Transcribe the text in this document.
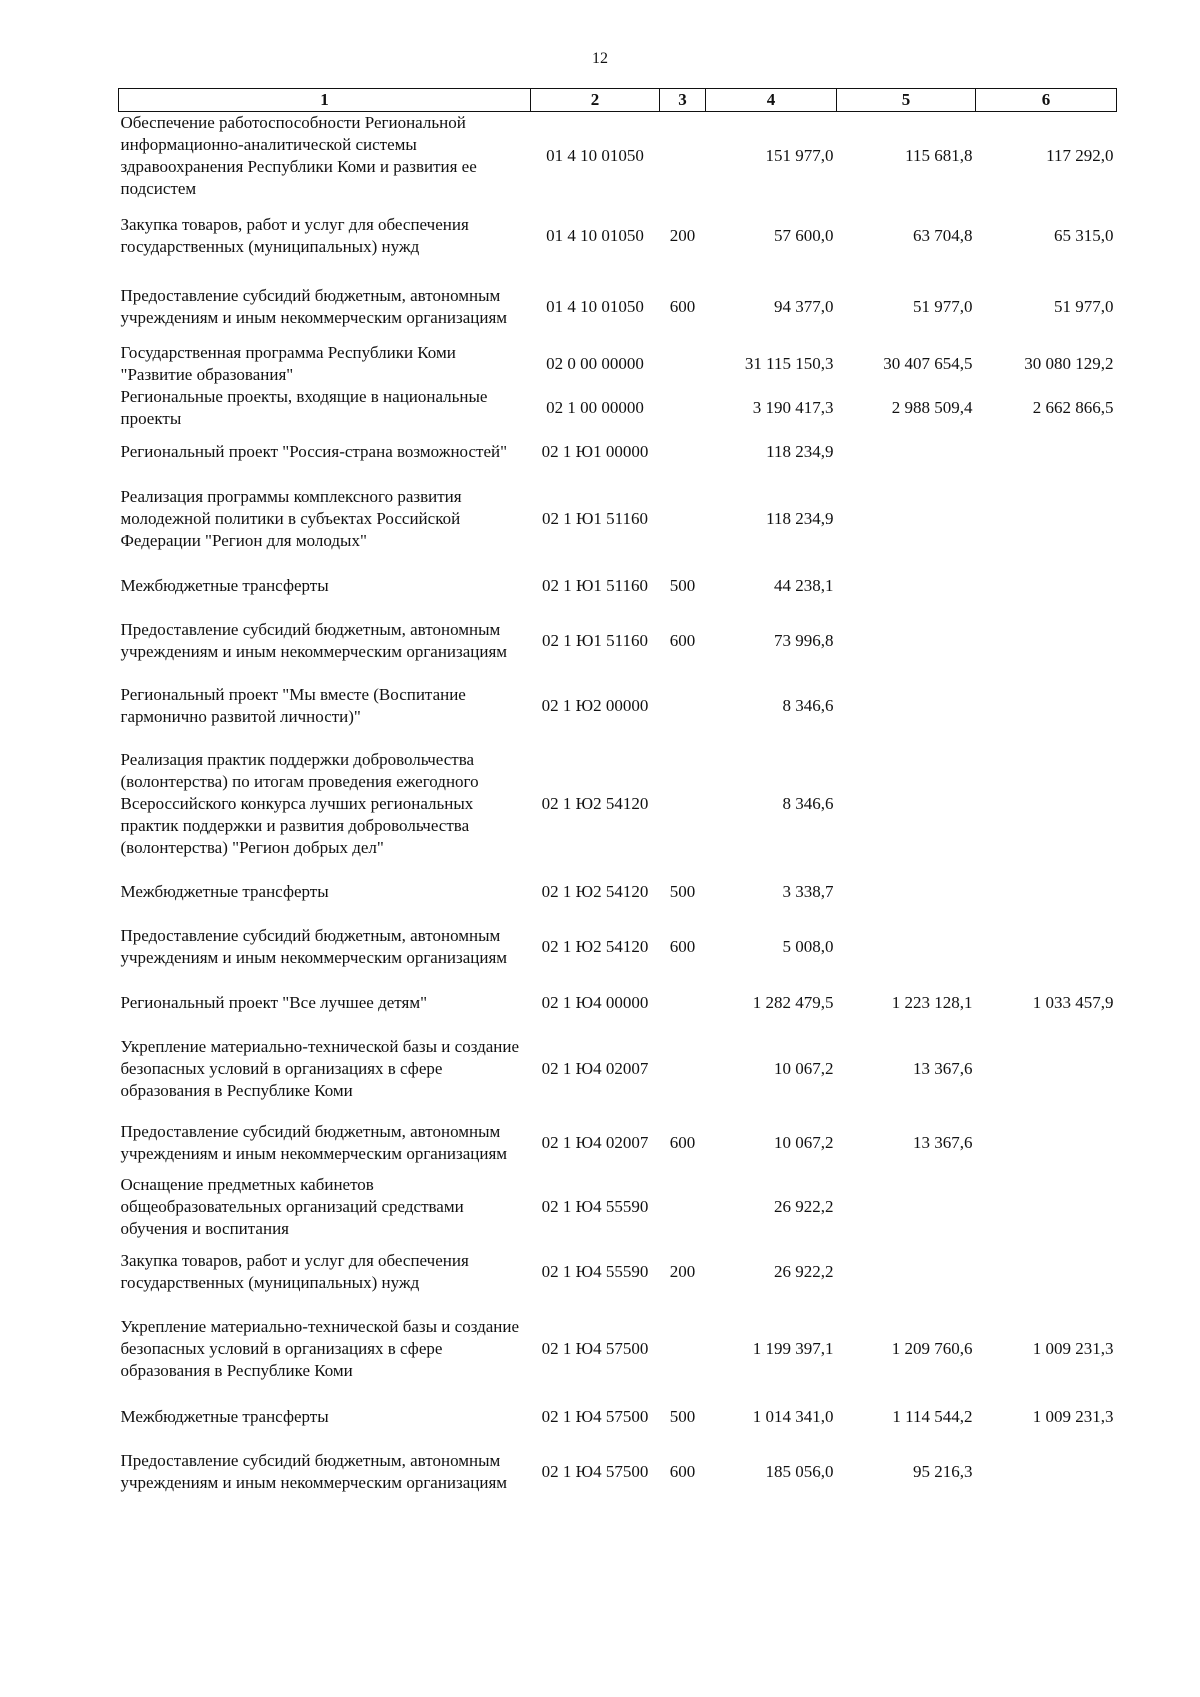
12
1	2	3	4	5	6
Обеспечение работоспособности Региональной информационно-аналитической системы здравоохранения Республики Коми и развития ее подсистем	01 4 10 01050		151 977,0	115 681,8	117 292,0
Закупка товаров, работ и услуг для обеспечения государственных (муниципальных) нужд	01 4 10 01050	200	57 600,0	63 704,8	65 315,0
Предоставление субсидий бюджетным, автономным учреждениям и иным некоммерческим организациям	01 4 10 01050	600	94 377,0	51 977,0	51 977,0
Государственная программа Республики Коми "Развитие образования"	02 0 00 00000		31 115 150,3	30 407 654,5	30 080 129,2
Региональные проекты, входящие в национальные проекты	02 1 00 00000		3 190 417,3	2 988 509,4	2 662 866,5
Региональный проект "Россия-страна возможностей"	02 1 Ю1 00000		118 234,9		
Реализация программы комплексного развития молодежной политики в субъектах Российской Федерации "Регион для молодых"	02 1 Ю1 51160		118 234,9		
Межбюджетные трансферты	02 1 Ю1 51160	500	44 238,1		
Предоставление субсидий бюджетным, автономным учреждениям и иным некоммерческим организациям	02 1 Ю1 51160	600	73 996,8		
Региональный проект "Мы вместе (Воспитание гармонично развитой личности)"	02 1 Ю2 00000		8 346,6		
Реализация практик поддержки добровольчества (волонтерства) по итогам проведения ежегодного Всероссийского конкурса лучших региональных практик поддержки и развития добровольчества (волонтерства) "Регион добрых дел"	02 1 Ю2 54120		8 346,6		
Межбюджетные трансферты	02 1 Ю2 54120	500	3 338,7		
Предоставление субсидий бюджетным, автономным учреждениям и иным некоммерческим организациям	02 1 Ю2 54120	600	5 008,0		
Региональный проект "Все лучшее детям"	02 1 Ю4 00000		1 282 479,5	1 223 128,1	1 033 457,9
Укрепление материально-технической базы и создание безопасных условий в организациях в сфере образования в Республике Коми	02 1 Ю4 02007		10 067,2	13 367,6	
Предоставление субсидий бюджетным, автономным учреждениям и иным некоммерческим организациям	02 1 Ю4 02007	600	10 067,2	13 367,6	
Оснащение предметных кабинетов общеобразовательных организаций средствами обучения и воспитания	02 1 Ю4 55590		26 922,2		
Закупка товаров, работ и услуг для обеспечения государственных (муниципальных) нужд	02 1 Ю4 55590	200	26 922,2		
Укрепление материально-технической базы и создание безопасных условий в организациях в сфере образования в Республике Коми	02 1 Ю4 57500		1 199 397,1	1 209 760,6	1 009 231,3
Межбюджетные трансферты	02 1 Ю4 57500	500	1 014 341,0	1 114 544,2	1 009 231,3
Предоставление субсидий бюджетным, автономным учреждениям и иным некоммерческим организациям	02 1 Ю4 57500	600	185 056,0	95 216,3	
